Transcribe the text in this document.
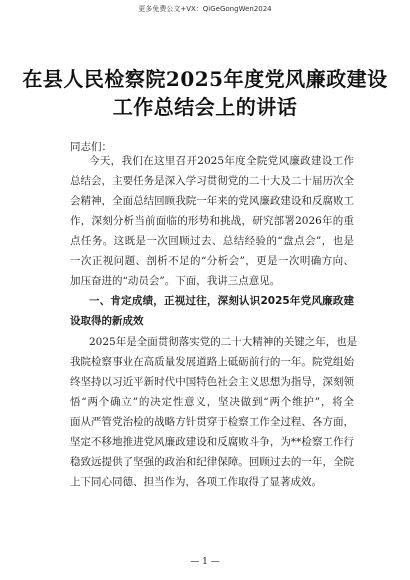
更多免费公文+VX：QiGeGongWen2024
在县人民检察院2025年度党风廉政建设
工作总结会上的讲话
同志们：
今天，我们在这里召开2025年度全院党风廉政建设工作
总结会，主要任务是深入学习贯彻党的二十大及二十届历次全
会精神，全面总结回顾我院一年来的党风廉政建设和反腐败工
作，深刻分析当前面临的形势和挑战，研究部署2026年的重
点任务。这既是一次回顾过去、总结经验的“盘点会”，也是
一次正视问题、剖析不足的“分析会”，更是一次明确方向、
加压奋进的“动员会”。下面，我讲三点意见。
一、肯定成绩，正视过往，深刻认识2025年党风廉政建
设取得的新成效
2025年是全面贯彻落实党的二十大精神的关键之年，也是
我院检察事业在高质量发展道路上砥砺前行的一年。院党组始
终坚持以习近平新时代中国特色社会主义思想为指导，深刻领
悟“两个确立”的决定性意义，坚决做到“两个维护”，将全
面从严管党治检的战略方针贯穿于检察工作全过程、各方面，
坚定不移地推进党风廉政建设和反腐败斗争，为**检察工作行
稳致远提供了坚强的政治和纪律保障。回顾过去的一年，全院
上下同心同德、担当作为，各项工作取得了显著成效。
— 1 —
